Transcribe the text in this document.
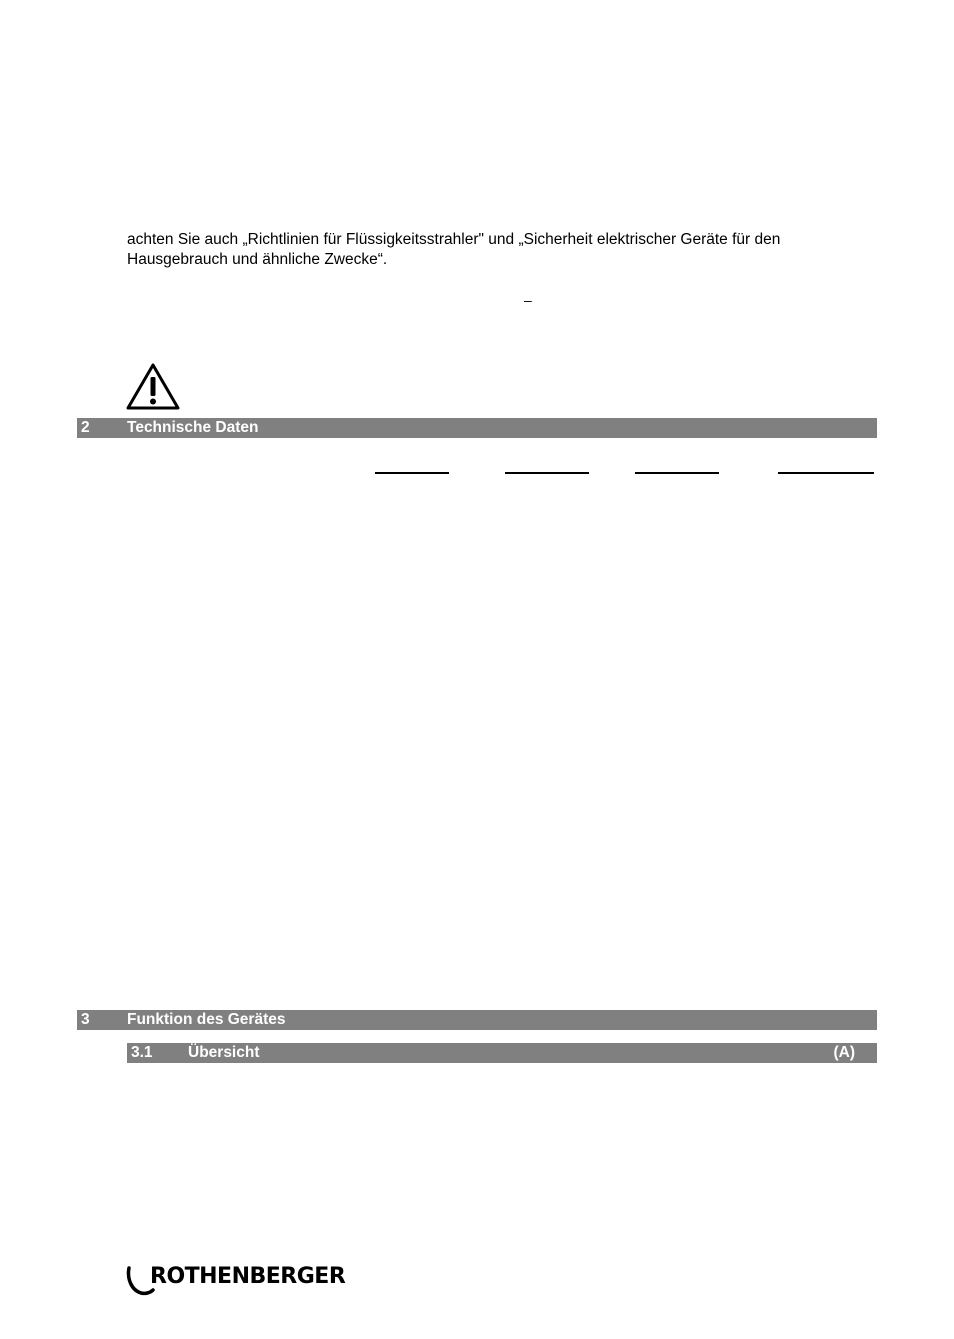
achten Sie auch „Richtlinien für Flüssigkeitsstrahler" und „Sicherheit elektrischer Geräte für den
Hausgebrauch und ähnliche Zwecke“.
–
2 Technische Daten
3 Funktion des Gerätes
3.1 Übersicht	(A)
ROTHENBERGER
